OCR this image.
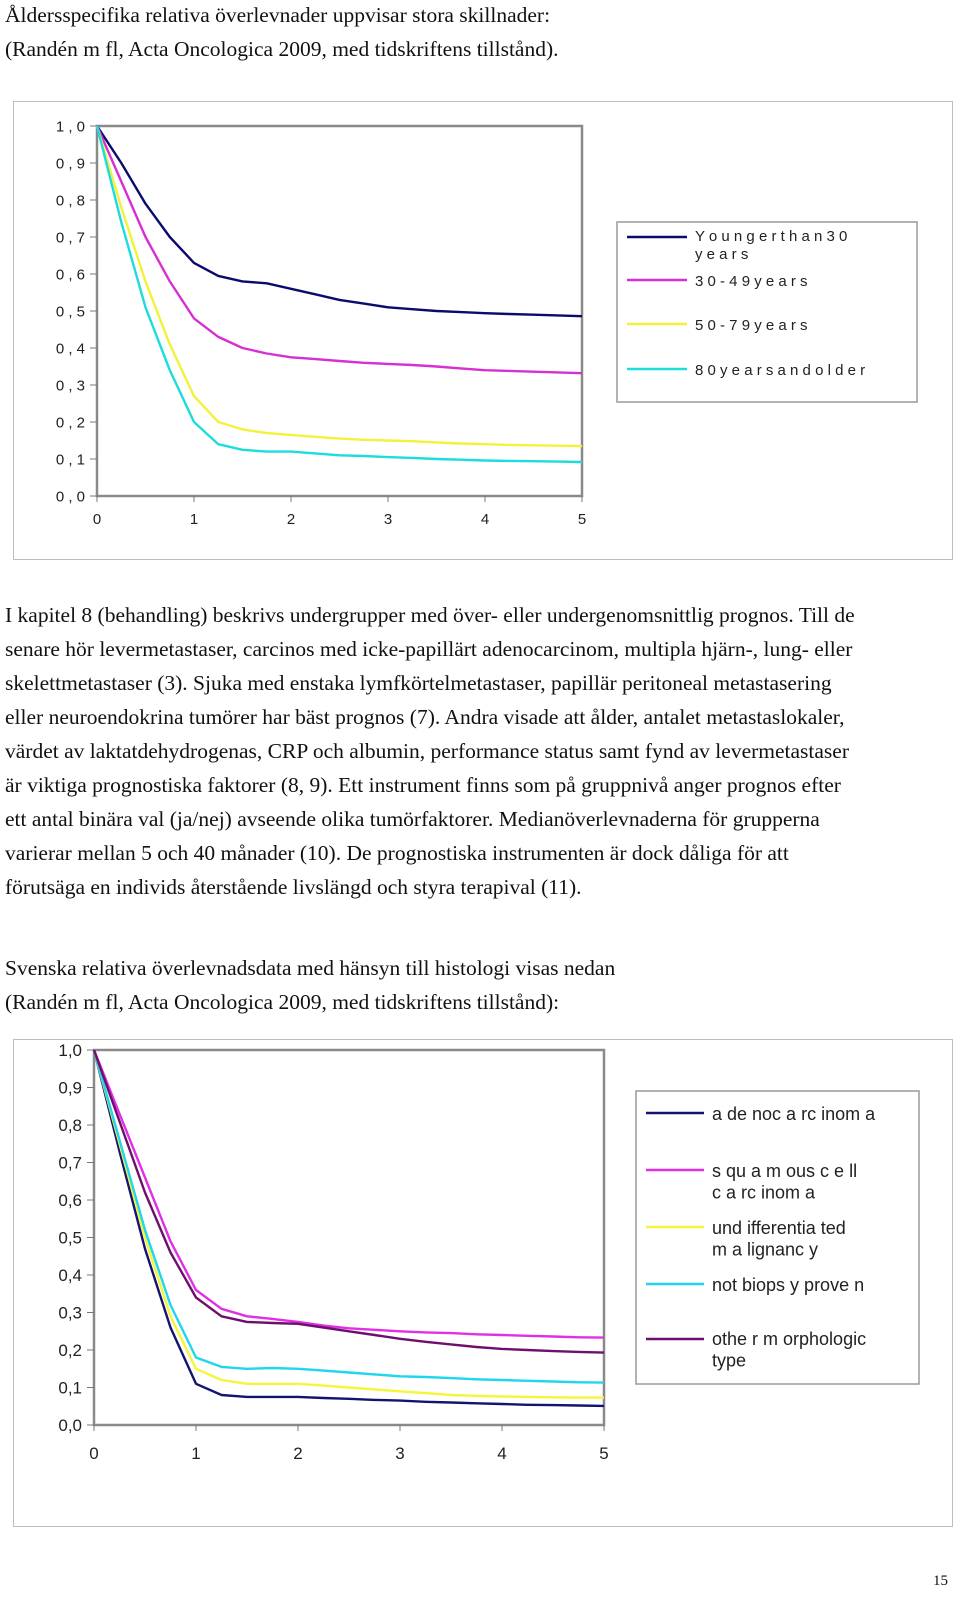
Åldersspecifika relativa överlevnader uppvisar stora skillnader:
(Randén m fl, Acta Oncologica 2009, med tidskriftens tillstånd).
1 , 0
0 , 9
0 , 8
0 , 7
0 , 6
0 , 5
0 , 4
0 , 3
0 , 2
0 , 1
0 , 0
0	1	2	3	4	5
Y o u n g e r t h a n 3 0 y e a r s
3 0 - 4 9 y e a r s
5 0 - 7 9 y e a r s
8 0 y e a r s a n d o l d e r
I kapitel 8 (behandling) beskrivs undergrupper med över- eller undergenomsnittlig prognos. Till de
senare hör levermetastaser, carcinos med icke-papillärt adenocarcinom, multipla hjärn-, lung- eller
skelettmetastaser (3). Sjuka med enstaka lymfkörtelmetastaser, papillär peritoneal metastasering
eller neuroendokrina tumörer har bäst prognos (7). Andra visade att ålder, antalet metastaslokaler,
värdet av laktatdehydrogenas, CRP och albumin, performance status samt fynd av levermetastaser
är viktiga prognostiska faktorer (8, 9). Ett instrument finns som på gruppnivå anger prognos efter
ett antal binära val (ja/nej) avseende olika tumörfaktorer. Medianöverlevnaderna för grupperna
varierar mellan 5 och 40 månader (10). De prognostiska instrumenten är dock dåliga för att
förutsäga en individs återstående livslängd och styra terapival (11).
Svenska relativa överlevnadsdata med hänsyn till histologi visas nedan
(Randén m fl, Acta Oncologica 2009, med tidskriftens tillstånd):
1,0
0,9
0,8
0,7
0,6
0,5
0,4
0,3
0,2
0,1
0,0
0	1	2	3	4	5
a de noc a rc inom a
s qu a m ous c e ll c a rc inom a
und ifferentia ted m a lignanc y
not biops y prove n
othe r m orphologic type
15
